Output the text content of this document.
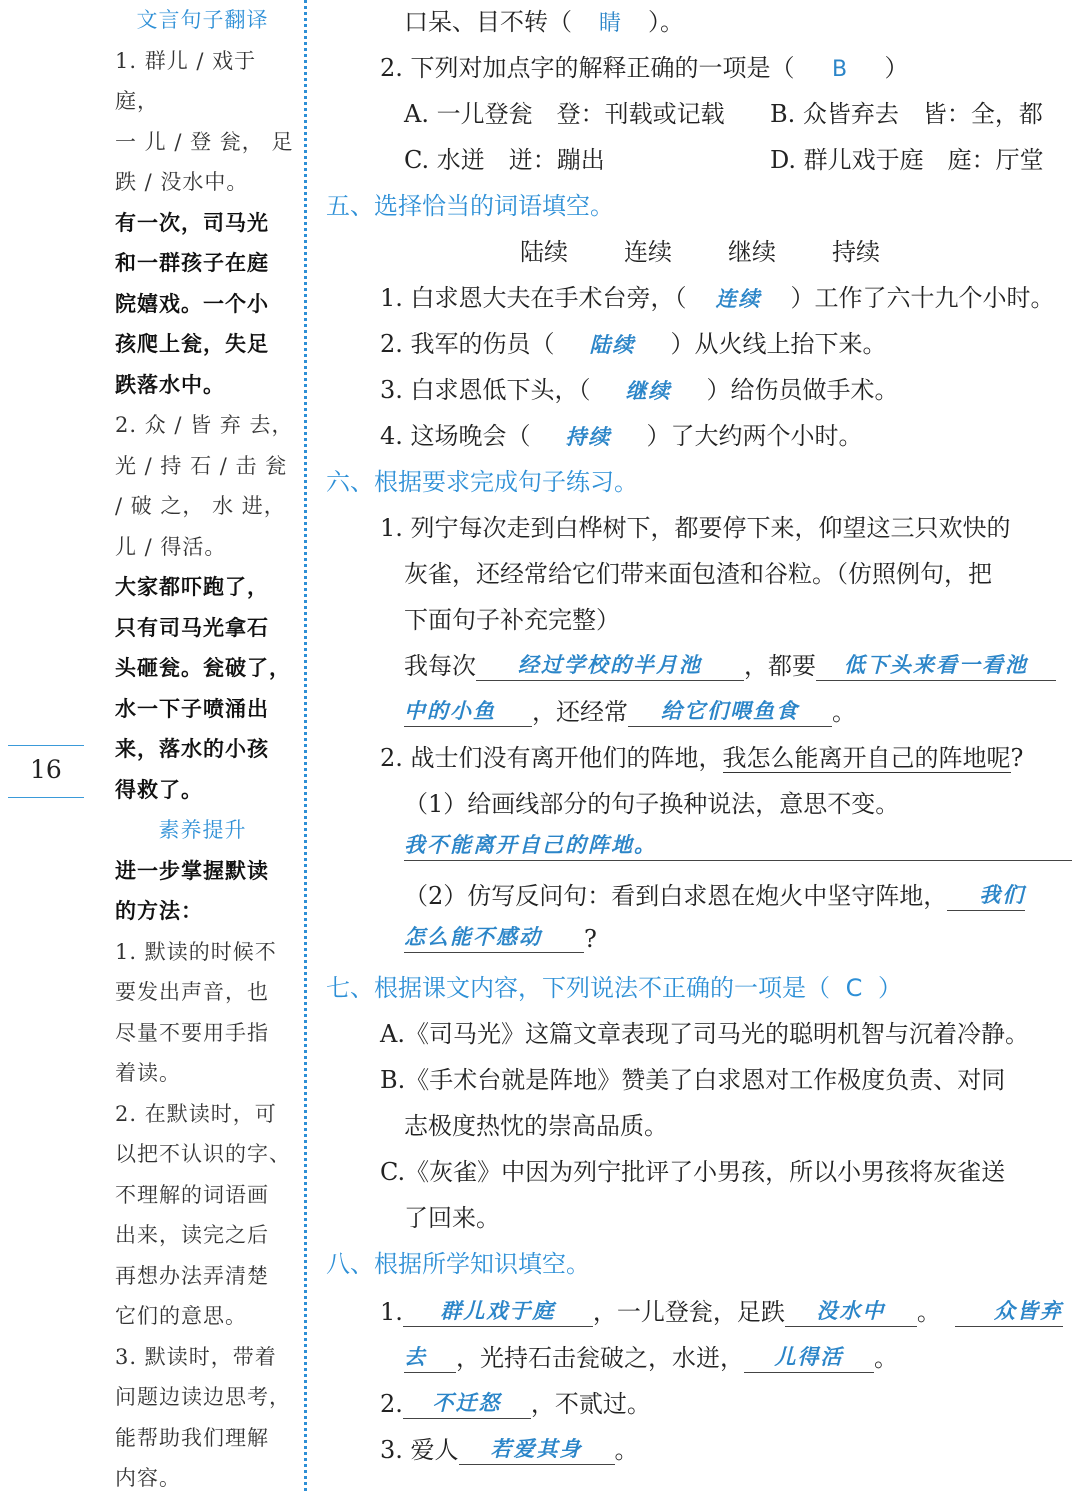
16
文言句子翻译
1. 群儿 / 戏于庭，
一 儿 / 登 瓮， 足
跌 / 没水中。
有一次，司马光
和一群孩子在庭
院嬉戏。一个小
孩爬上瓮，失足
跌落水中。
2. 众 / 皆 弃 去，
光 / 持 石 / 击 瓮
/ 破 之， 水 进，
儿 / 得活。
大家都吓跑了，
只有司马光拿石
头砸瓮。瓮破了，
水一下子喷涌出
来，落水的小孩
得救了。
素养提升
进一步掌握默读
的方法：
1. 默读的时候不
要发出声音，也
尽量不要用手指
着读。
2. 在默读时，可
以把不认识的字、
不理解的词语画
出来，读完之后
再想办法弄清楚
它们的意思。
3. 默读时，带着
问题边读边思考，
能帮助我们理解
内容。
口呆、目不转（ 睛 ）。
2. 下列对加点字的解释正确的一项是（ B ）
A. 一儿登瓮　登：刊载或记载 B. 众皆弃去　皆：全，都
C. 水迸　迸：蹦出	D. 群儿戏于庭　庭：厅堂
五、选择恰当的词语填空。
陆续 连续 继续 持续
1. 白求恩大夫在手术台旁，（ 连续 ）工作了六十九个小时。
2. 我军的伤员（ 陆续 ）从火线上抬下来。
3. 白求恩低下头，（ 继续 ）给伤员做手术。
4. 这场晚会（ 持续 ）了大约两个小时。
六、根据要求完成句子练习。
1. 列宁每次走到白桦树下，都要停下来，仰望这三只欢快的
灰雀，还经常给它们带来面包渣和谷粒。（仿照例句，把
下面句子补充完整）
我每次 经过学校的半月池 ，都要 低下头来看一看池
中的小鱼 ，还经常 给它们喂鱼食 。
2. 战士们没有离开他们的阵地，我怎么能离开自己的阵地呢?
（1）给画线部分的句子换种说法，意思不变。
我不能离开自己的阵地。
（2）仿写反问句：看到白求恩在炮火中坚守阵地， 我们
怎么能不感动 ?
七、根据课文内容，下列说法不正确的一项是（ C ）
A.《司马光》这篇文章表现了司马光的聪明机智与沉着冷静。
B.《手术台就是阵地》赞美了白求恩对工作极度负责、对同
志极度热忱的崇高品质。
C.《灰雀》中因为列宁批评了小男孩，所以小男孩将灰雀送
了回来。
八、根据所学知识填空。
1. 群儿戏于庭 ，一儿登瓮，足跌 没水中 。	众皆弃
去 ，光持石击瓮破之，水迸， 儿得活 。
2. 不迁怒 ，不贰过。
3. 爱人 若爱其身 。
